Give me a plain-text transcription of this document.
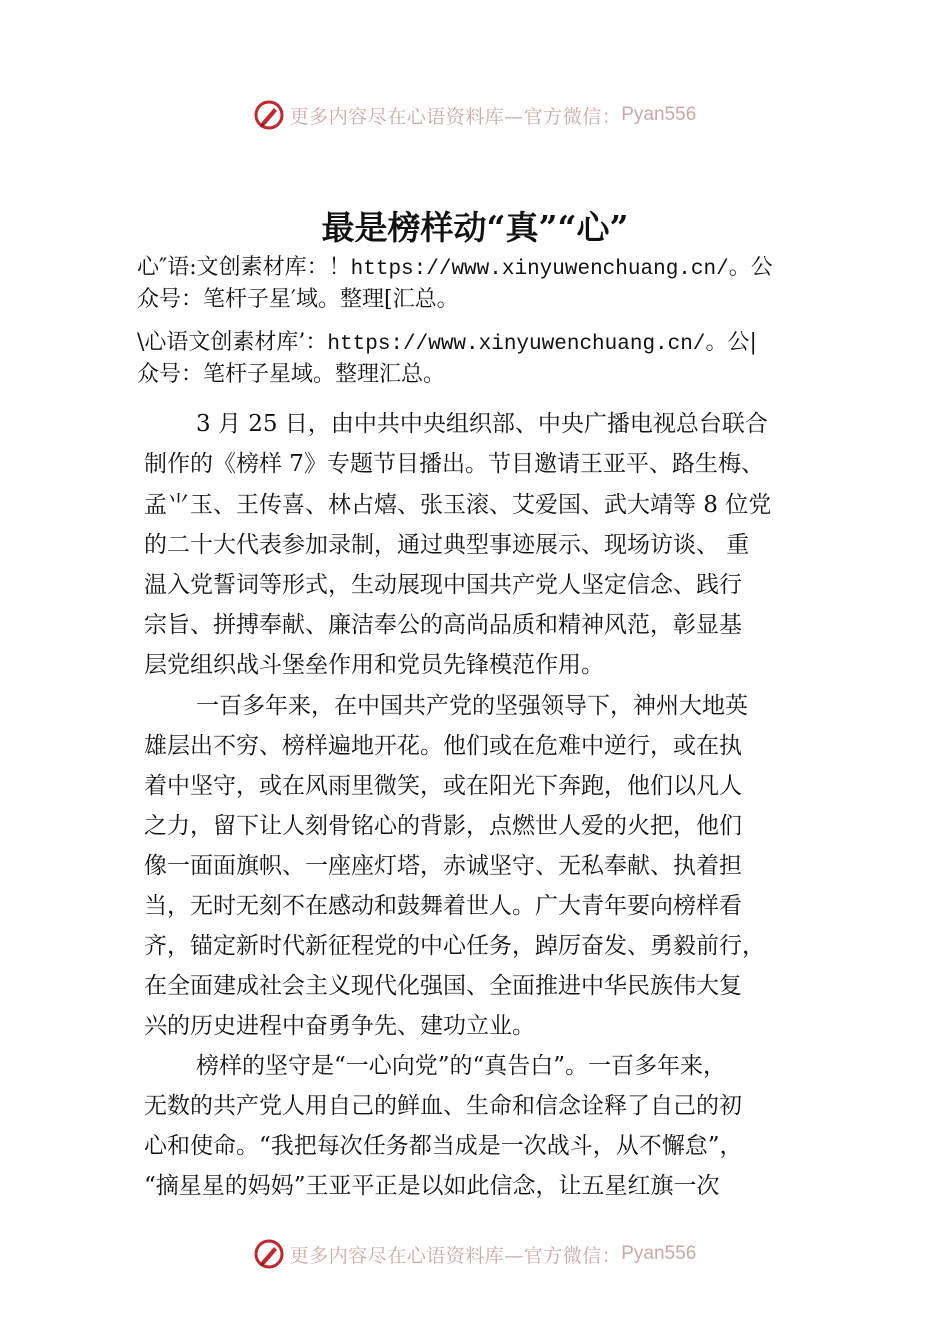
更多内容尽在心语资料库—官方微信： Pyan556
最是榜样动“真”“心”
心″语:文创素材库：！https://www.xinyuwenchuang.cn/。公
众号：笔杆子星′域。整理[汇总。
\心语文创素材库’：https://www.xinyuwenchuang.cn/。公|
众号：笔杆子星域。整理汇总。
3 月 25 日，由中共中央组织部、中央广播电视总台联合
制作的《榜样 7》专题节目播出。节目邀请王亚平、路生梅、
孟⺌玉、王传喜、林占熺、张玉滚、艾爱国、武大靖等 8 位党
的二十大代表参加录制，通过典型事迹展示、现场访谈、 重
温入党誓词等形式，生动展现中国共产党人坚定信念、践行
宗旨、拼搏奉献、廉洁奉公的高尚品质和精神风范，彰显基
层党组织战斗堡垒作用和党员先锋模范作用。
一百多年来，在中国共产党的坚强领导下，神州大地英
雄层出不穷、榜样遍地开花。他们或在危难中逆行，或在执
着中坚守，或在风雨里微笑，或在阳光下奔跑，他们以凡人
之力，留下让人刻骨铭心的背影，点燃世人爱的火把，他们
像一面面旗帜、一座座灯塔，赤诚坚守、无私奉献、执着担
当，无时无刻不在感动和鼓舞着世人。广大青年要向榜样看
齐，锚定新时代新征程党的中心任务，踔厉奋发、勇毅前行，
在全面建成社会主义现代化强国、全面推进中华民族伟大复
兴的历史进程中奋勇争先、建功立业。
榜样的坚守是“一心向党”的“真告白”。一百多年来，
无数的共产党人用自己的鲜血、生命和信念诠释了自己的初
心和使命。“我把每次任务都当成是一次战斗，从不懈怠”，
“摘星星的妈妈”王亚平正是以如此信念，让五星红旗一次
更多内容尽在心语资料库—官方微信： Pyan556
